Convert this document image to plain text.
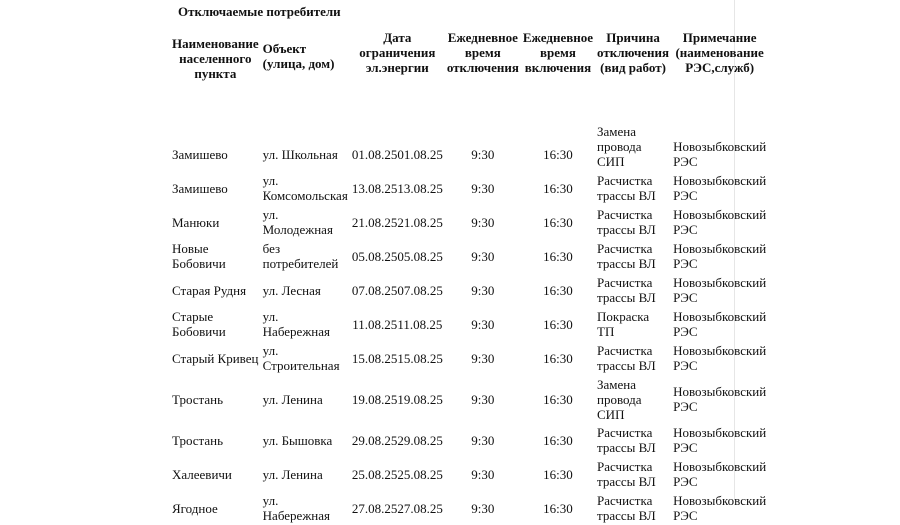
Отключаемые потребители
Наименование населенного пункта	Объект (улица, дом)	Дата ограничения эл.энергии	Ежедневное время отключения	Ежедневное время включения	Причина отключения (вид работ)	Примечание (наименование РЭС,служб)
Замишево	ул. Школьная	01.08.2501.08.25	9:30	16:30	Замена провода СИП	Новозыбковский РЭС
Замишево	ул. Комсомольская	13.08.2513.08.25	9:30	16:30	Расчистка трассы ВЛ	Новозыбковский РЭС
Манюки	ул. Молодежная	21.08.2521.08.25	9:30	16:30	Расчистка трассы ВЛ	Новозыбковский РЭС
Новые Бобовичи	без потребителей	05.08.2505.08.25	9:30	16:30	Расчистка трассы ВЛ	Новозыбковский РЭС
Старая Рудня	ул. Лесная	07.08.2507.08.25	9:30	16:30	Расчистка трассы ВЛ	Новозыбковский РЭС
Старые Бобовичи	ул. Набережная	11.08.2511.08.25	9:30	16:30	Покраска ТП	Новозыбковский РЭС
Старый Кривец	ул. Строительная	15.08.2515.08.25	9:30	16:30	Расчистка трассы ВЛ	Новозыбковский РЭС
Тростань	ул. Ленина	19.08.2519.08.25	9:30	16:30	Замена провода СИП	Новозыбковский РЭС
Тростань	ул. Бышовка	29.08.2529.08.25	9:30	16:30	Расчистка трассы ВЛ	Новозыбковский РЭС
Халеевичи	ул. Ленина	25.08.2525.08.25	9:30	16:30	Расчистка трассы ВЛ	Новозыбковский РЭС
Ягодное	ул. Набережная	27.08.2527.08.25	9:30	16:30	Расчистка трассы ВЛ	Новозыбковский РЭС
